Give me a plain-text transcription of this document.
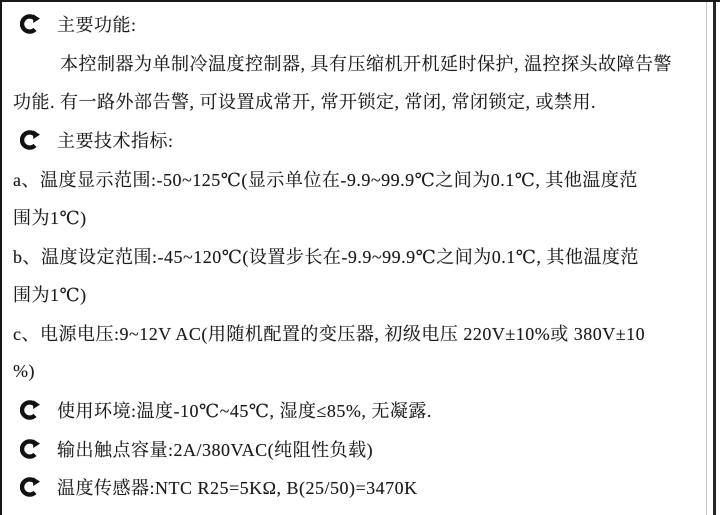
主要功能:
本控制器为单制冷温度控制器, 具有压缩机开机延时保护, 温控探头故障告警
功能. 有一路外部告警, 可设置成常开, 常开锁定, 常闭, 常闭锁定, 或禁用.
主要技术指标:
a、温度显示范围:-50~125℃(显示单位在-9.9~99.9℃之间为0.1℃, 其他温度范
围为1℃)
b、温度设定范围:-45~120℃(设置步长在-9.9~99.9℃之间为0.1℃, 其他温度范
围为1℃)
c、电源电压:9~12V AC(用随机配置的变压器, 初级电压 220V±10%或 380V±10
%)
使用环境:温度-10℃~45℃, 湿度≤85%, 无凝露.
输出触点容量:2A/380VAC(纯阻性负载)
温度传感器:NTC R25=5KΩ, B(25/50)=3470K
